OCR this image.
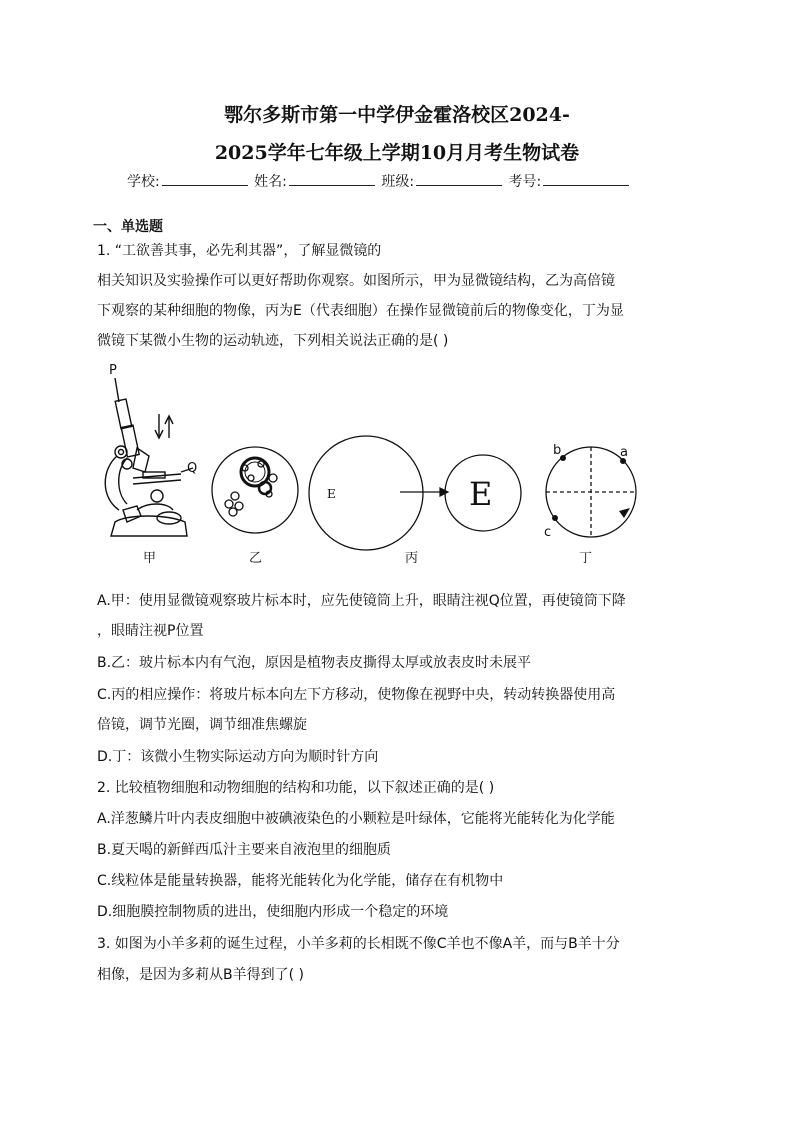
鄂尔多斯市第一中学伊金霍洛校区2024-
2025学年七年级上学期10月月考生物试卷
学校:	姓名:	班级:	考号:
一、单选题
1. “工欲善其事，必先利其器”，了解显微镜的
相关知识及实验操作可以更好帮助你观察。如图所示，甲为显微镜结构，乙为高倍镜
下观察的某种细胞的物像，丙为E（代表细胞）在操作显微镜前后的物像变化，丁为显
微镜下某微小生物的运动轨迹，下列相关说法正确的是( )
P
Q
甲	乙
E	E
丙
b	a
c
丁
A.甲：使用显微镜观察玻片标本时，应先使镜筒上升，眼睛注视Q位置，再使镜筒下降
，眼睛注视P位置
B.乙：玻片标本内有气泡，原因是植物表皮撕得太厚或放表皮时未展平
C.丙的相应操作：将玻片标本向左下方移动，使物像在视野中央，转动转换器使用高
倍镜，调节光圈，调节细准焦螺旋
D.丁：该微小生物实际运动方向为顺时针方向
2. 比较植物细胞和动物细胞的结构和功能，以下叙述正确的是( )
A.洋葱鳞片叶内表皮细胞中被碘液染色的小颗粒是叶绿体，它能将光能转化为化学能
B.夏天喝的新鲜西瓜汁主要来自液泡里的细胞质
C.线粒体是能量转换器，能将光能转化为化学能，储存在有机物中
D.细胞膜控制物质的进出，使细胞内形成一个稳定的环境
3. 如图为小羊多莉的诞生过程，小羊多莉的长相既不像C羊也不像A羊，而与B羊十分
相像，是因为多莉从B羊得到了( )
